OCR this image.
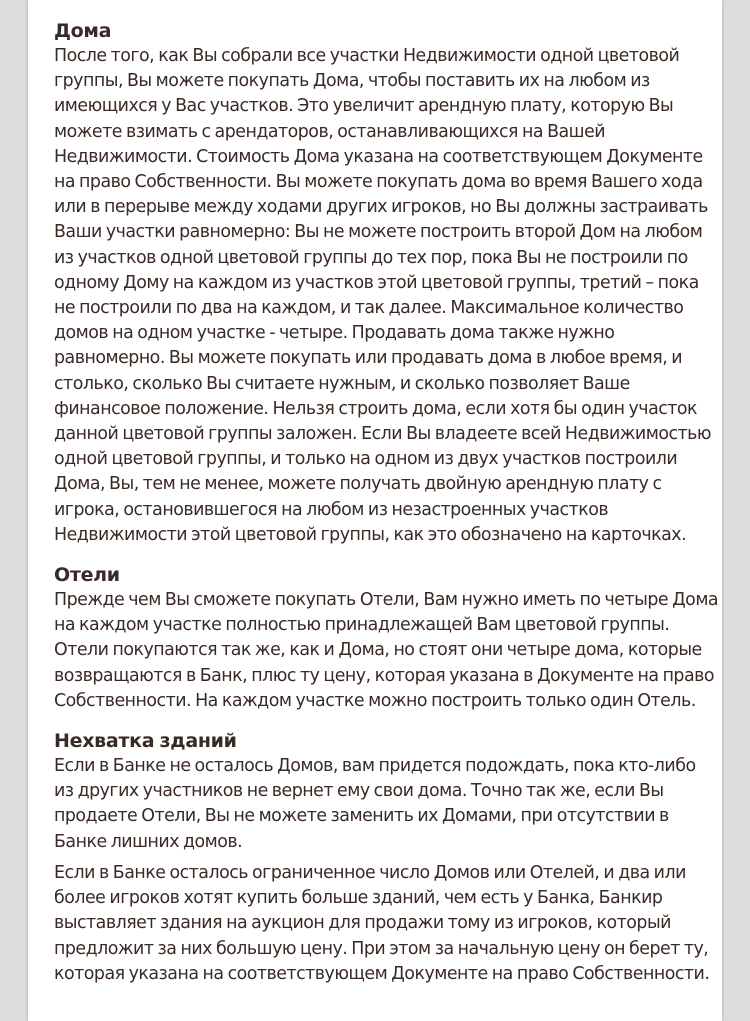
Дома

После того, как Вы собрали все участки Недвижимости одной цветовой группы, Вы можете покупать Дома, чтобы поставить их на любом из имеющихся у Вас участков. Это увеличит арендную плату, которую Вы можете взимать с арендаторов, останавливающихся на Вашей Недвижимости. Стоимость Дома указана на соответствующем Документе на право Собственности. Вы можете покупать дома во время Вашего хода или в перерыве между ходами других игроков, но Вы должны застраивать Ваши участки равномерно: Вы не можете построить второй Дом на любом из участков одной цветовой группы до тех пор, пока Вы не построили по одному Дому на каждом из участков этой цветовой группы, третий – пока не построили по два на каждом, и так далее. Максимальное количество домов на одном участке - четыре. Продавать дома также нужно равномерно. Вы можете покупать или продавать дома в любое время, и столько, сколько Вы считаете нужным, и сколько позволяет Ваше финансовое положение. Нельзя строить дома, если хотя бы один участок данной цветовой группы заложен. Если Вы владеете всей Недвижимостью одной цветовой группы, и только на одном из двух участков построили Дома, Вы, тем не менее, можете получать двойную арендную плату с игрока, остановившегося на любом из незастроенных участков Недвижимости этой цветовой группы, как это обозначено на карточках.

Отели

Прежде чем Вы сможете покупать Отели, Вам нужно иметь по четыре Дома на каждом участке полностью принадлежащей Вам цветовой группы. Отели покупаются так же, как и Дома, но стоят они четыре дома, которые возвращаются в Банк, плюс ту цену, которая указана в Документе на право Собственности. На каждом участке можно построить только один Отель.

Нехватка зданий

Если в Банке не осталось Домов, вам придется подождать, пока кто-либо из других участников не вернет ему свои дома. Точно так же, если Вы продаете Отели, Вы не можете заменить их Домами, при отсутствии в Банке лишних домов.

Если в Банке осталось ограниченное число Домов или Отелей, и два или более игроков хотят купить больше зданий, чем есть у Банка, Банкир выставляет здания на аукцион для продажи тому из игроков, который предложит за них большую цену. При этом за начальную цену он берет ту, которая указана на соответствующем Документе на право Собственности.
